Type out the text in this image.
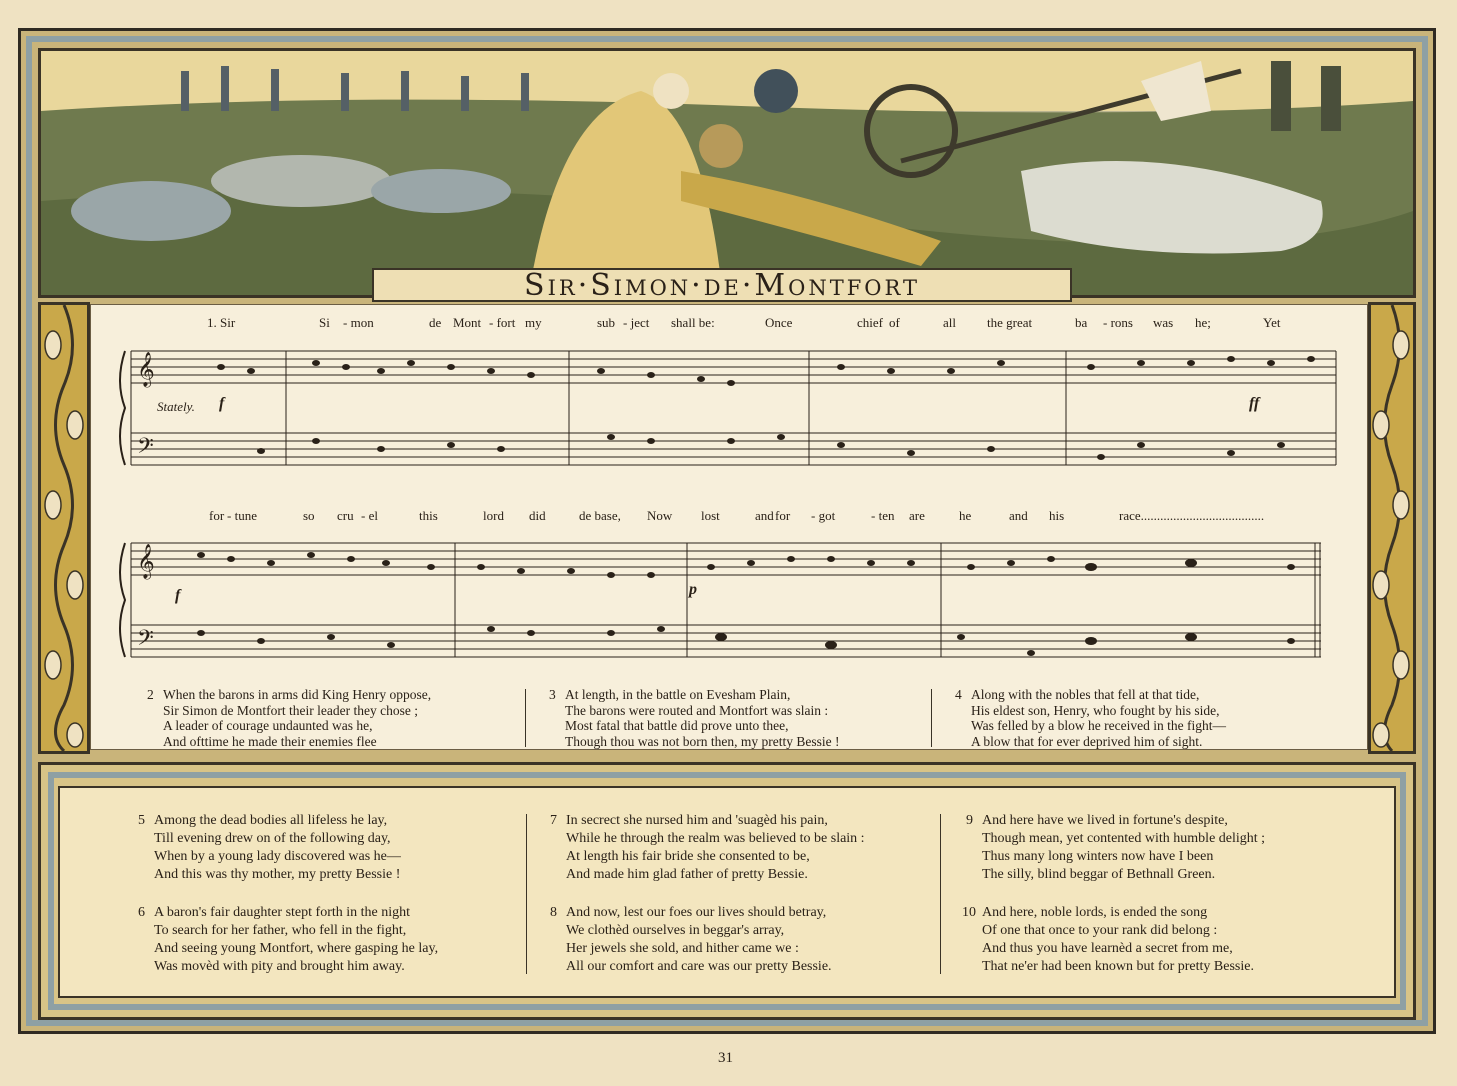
Sir·Simon·de·Montfort
1. Sir	Si - mon	de Mont - fort my	sub - ject shall be:	Once	chief of	all the great	ba - rons was he;	Yet
𝄞
𝄢
Stately. f	ff
for - tune	so cru - el	this	lord did	de base, Now lost	and for - got	- ten are	he	and his	race......................................
𝄞
𝄢
f	p
2 When the barons in arms did King Henry oppose,
Sir Simon de Montfort their leader they chose ;
A leader of courage undaunted was he,
And ofttime he made their enemies flee
3 At length, in the battle on Evesham Plain,
The barons were routed and Montfort was slain :
Most fatal that battle did prove unto thee,
Though thou was not born then, my pretty Bessie !
4 Along with the nobles that fell at that tide,
His eldest son, Henry, who fought by his side,
Was felled by a blow he received in the fight—
A blow that for ever deprived him of sight.
5 Among the dead bodies all lifeless he lay,
Till evening drew on of the following day,
When by a young lady discovered was he—
And this was thy mother, my pretty Bessie !
6 A baron's fair daughter stept forth in the night
To search for her father, who fell in the fight,
And seeing young Montfort, where gasping he lay,
Was movèd with pity and brought him away.
7 In secrect she nursed him and 'suagèd his pain,
While he through the realm was believed to be slain :
At length his fair bride she consented to be,
And made him glad father of pretty Bessie.
8 And now, lest our foes our lives should betray,
We clothèd ourselves in beggar's array,
Her jewels she sold, and hither came we :
All our comfort and care was our pretty Bessie.
9 And here have we lived in fortune's despite,
Though mean, yet contented with humble delight ;
Thus many long winters now have I been
The silly, blind beggar of Bethnall Green.
10 And here, noble lords, is ended the song
Of one that once to your rank did belong :
And thus you have learnèd a secret from me,
That ne'er had been known but for pretty Bessie.
31
